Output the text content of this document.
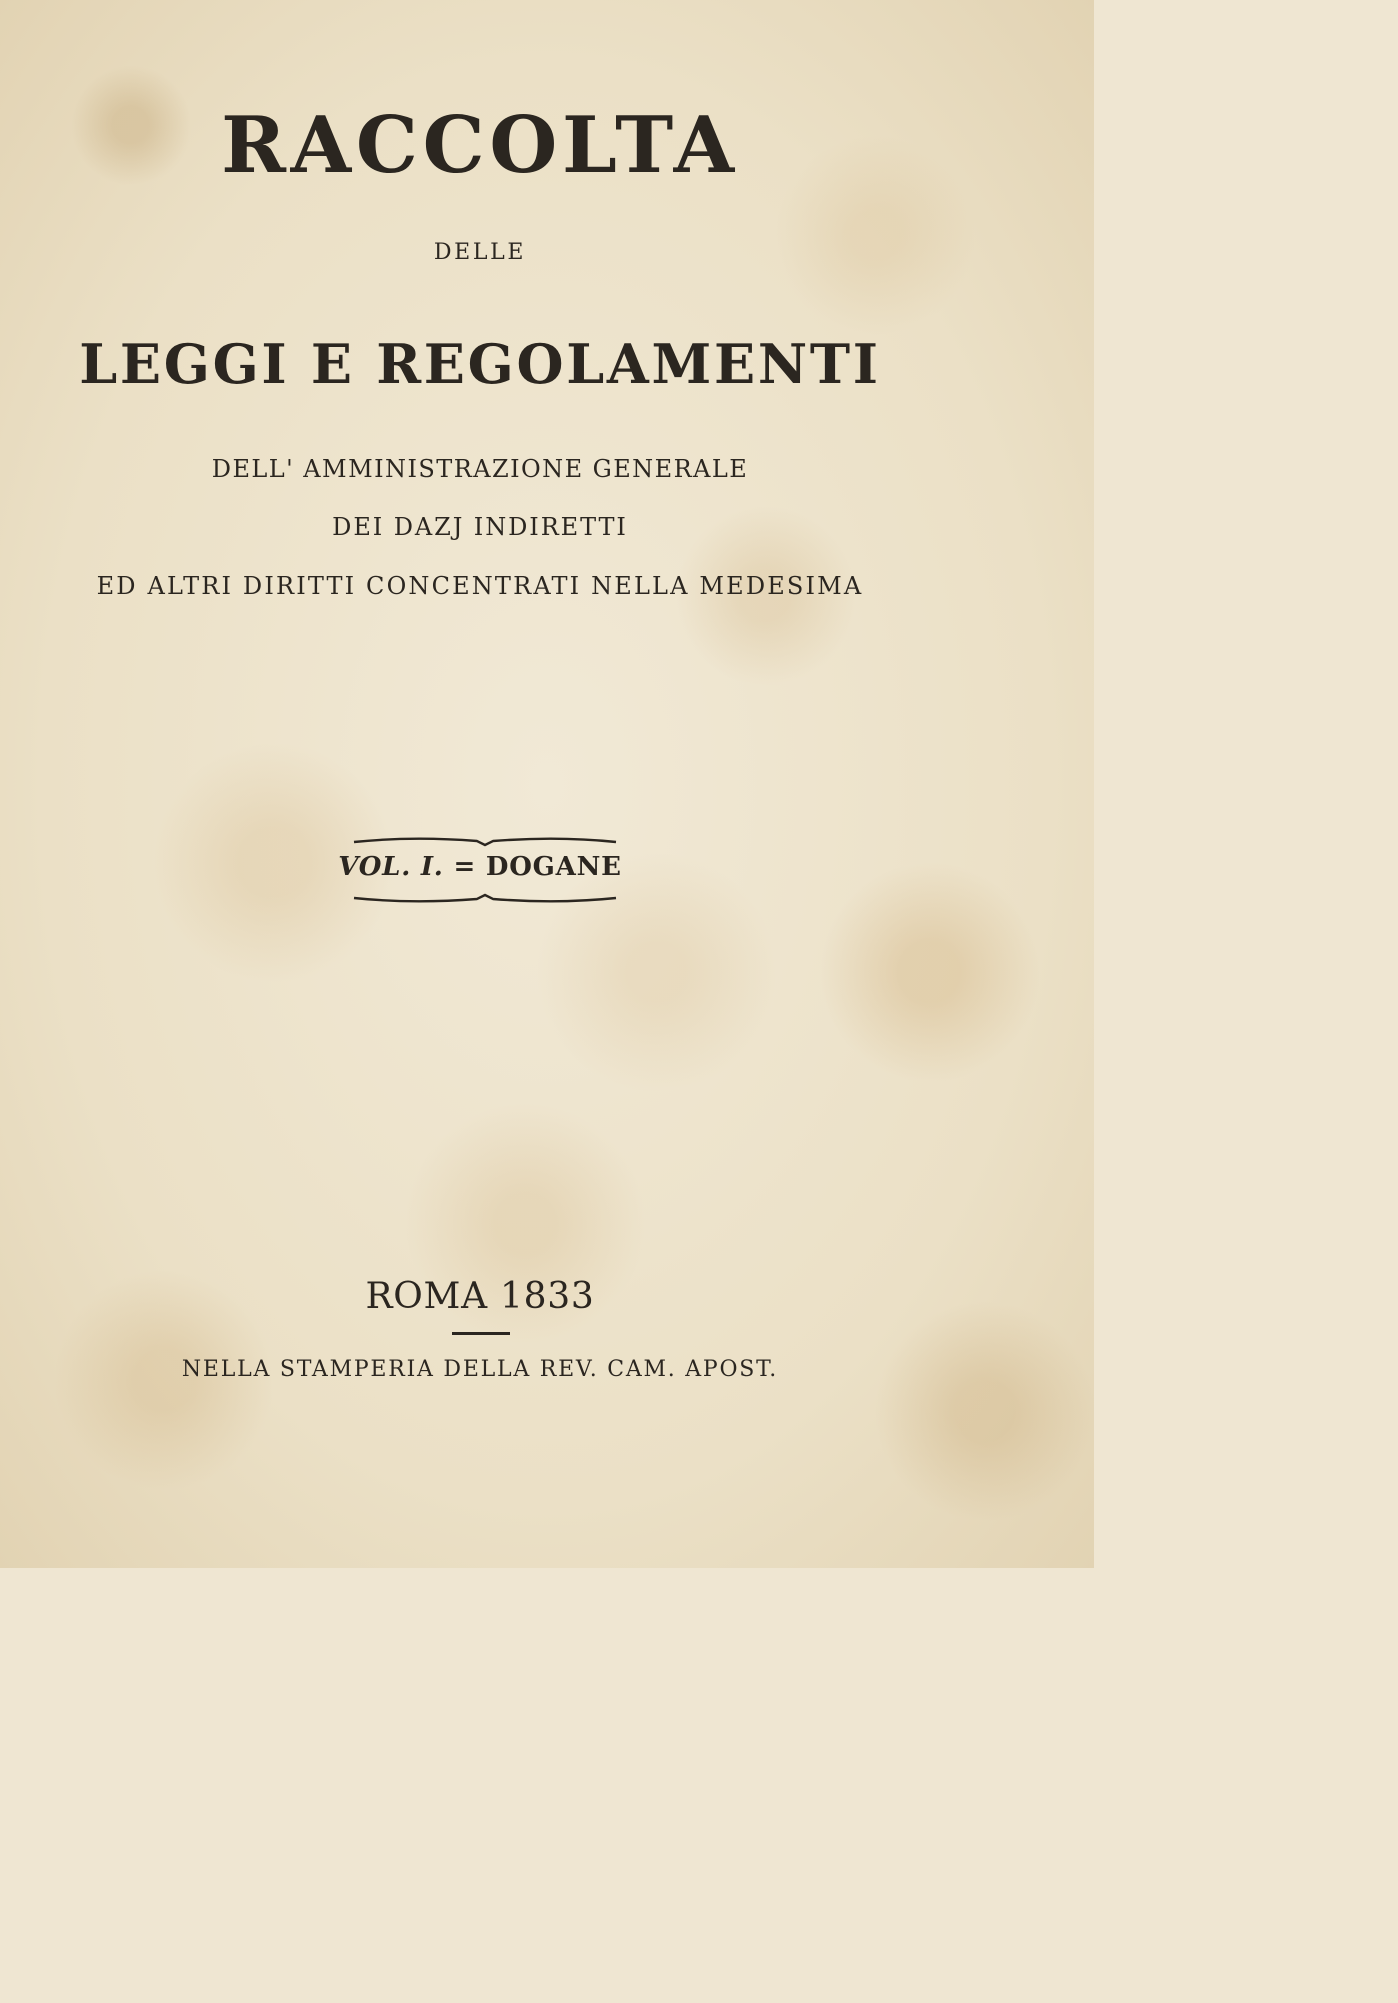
RACCOLTA
DELLE
LEGGI E REGOLAMENTI
DELL' AMMINISTRAZIONE GENERALE
DEI DAZJ INDIRETTI
ED ALTRI DIRITTI CONCENTRATI NELLA MEDESIMA
VOL. I. = DOGANE
ROMA 1833
NELLA STAMPERIA DELLA REV. CAM. APOST.
